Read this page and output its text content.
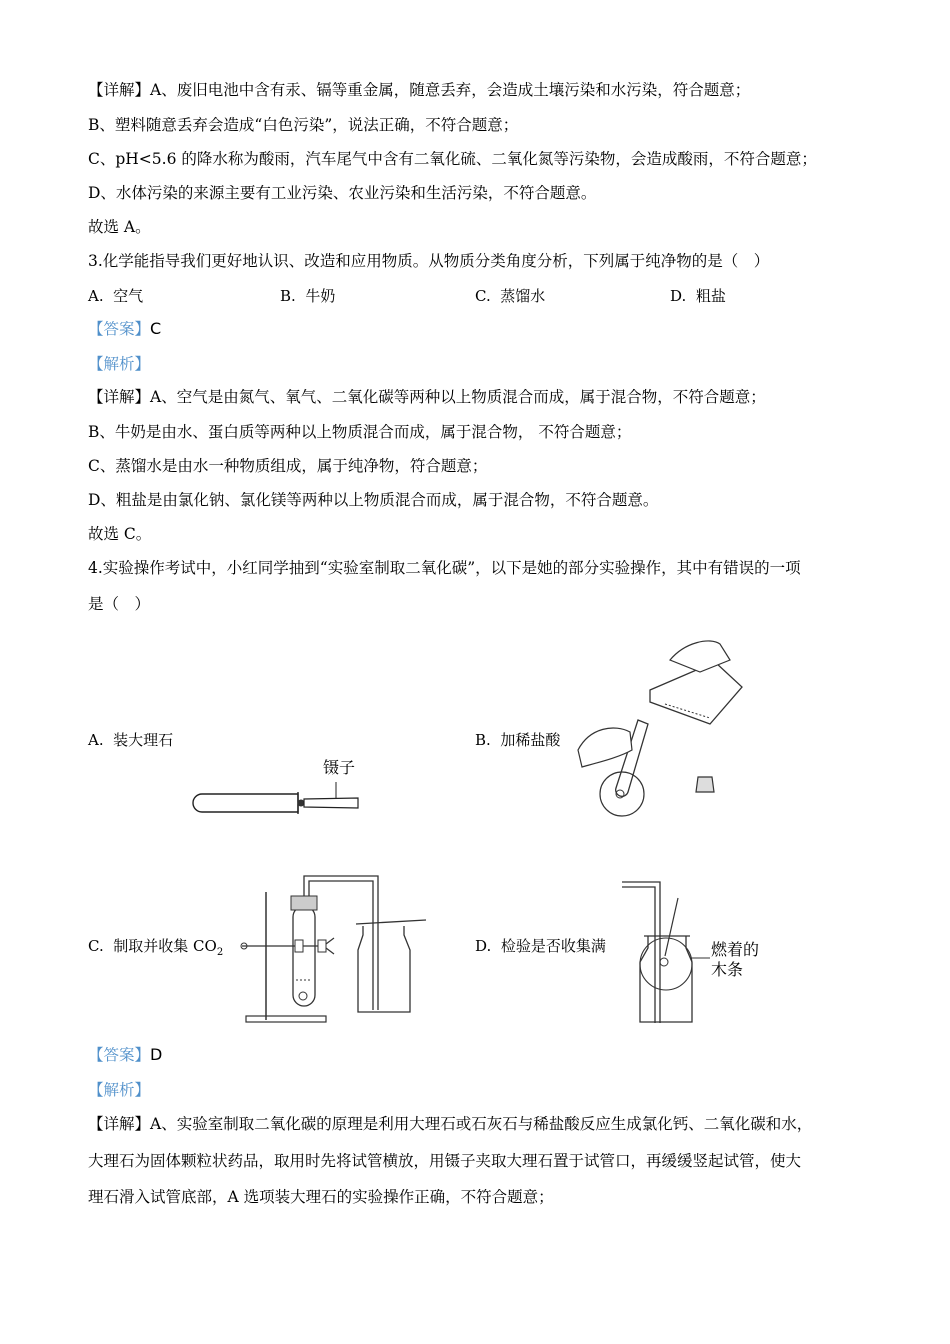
【详解】A、废旧电池中含有汞、镉等重金属，随意丢弃，会造成土壤污染和水污染，符合题意；
B、塑料随意丢弃会造成“白色污染”，说法正确，不符合题意；
C、pH<5.6 的降水称为酸雨，汽车尾气中含有二氧化硫、二氧化氮等污染物，会造成酸雨，不符合题意；
D、水体污染的来源主要有工业污染、农业污染和生活污染，不符合题意。
故选 A。
3.化学能指导我们更好地认识、改造和应用物质。从物质分类角度分析，下列属于纯净物的是（　）
A. 空气	B. 牛奶	C. 蒸馏水	D. 粗盐
【答案】C
【解析】
【详解】A、空气是由氮气、氧气、二氧化碳等两种以上物质混合而成，属于混合物，不符合题意；
B、牛奶是由水、蛋白质等两种以上物质混合而成，属于混合物， 不符合题意；
C、蒸馏水是由水一种物质组成，属于纯净物，符合题意；
D、粗盐是由氯化钠、氯化镁等两种以上物质混合而成，属于混合物，不符合题意。
故选 C。
4.实验操作考试中，小红同学抽到“实验室制取二氧化碳”，以下是她的部分实验操作，其中有错误的一项
是（　）
A. 装大理石	B. 加稀盐酸
C. 制取并收集 $CO_2$	D. 检验是否收集满
镊子
燃着的
木条
【答案】D
【解析】
【详解】A、实验室制取二氧化碳的原理是利用大理石或石灰石与稀盐酸反应生成氯化钙、二氧化碳和水，
大理石为固体颗粒状药品，取用时先将试管横放，用镊子夹取大理石置于试管口，再缓缓竖起试管，使大
理石滑入试管底部，A 选项装大理石的实验操作正确，不符合题意；
